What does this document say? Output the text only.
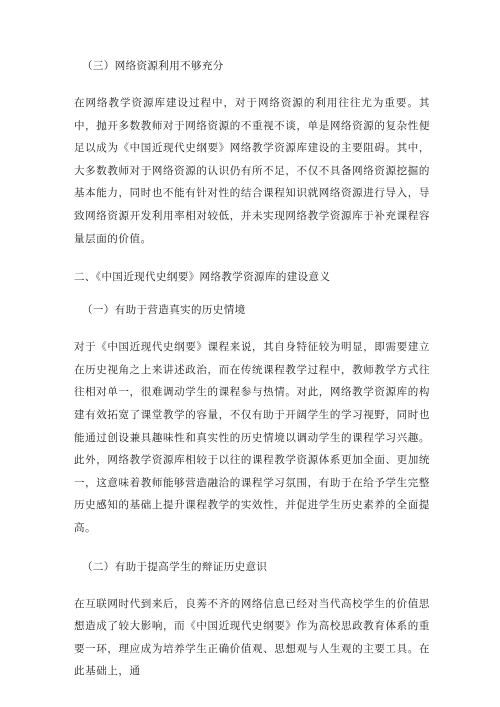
（三）网络资源利用不够充分
在网络教学资源库建设过程中，对于网络资源的利用往往尤为重要。其中，抛开多数教师对于网络资源的不重视不谈，单是网络资源的复杂性便足以成为《中国近现代史纲要》网络教学资源库建设的主要阻碍。其中，大多数教师对于网络资源的认识仍有所不足，不仅不具备网络资源挖掘的基本能力，同时也不能有针对性的结合课程知识就网络资源进行导入，导致网络资源开发利用率相对较低，并未实现网络教学资源库于补充课程容量层面的价值。
二、《中国近现代史纲要》网络教学资源库的建设意义
（一）有助于营造真实的历史情境
对于《中国近现代史纲要》课程来说，其自身特征较为明显，即需要建立在历史视角之上来讲述政治，而在传统课程教学过程中，教师教学方式往往相对单一，很难调动学生的课程参与热情。对此，网络教学资源库的构建有效拓宽了课堂教学的容量，不仅有助于开阔学生的学习视野，同时也能通过创设兼具趣味性和真实性的历史情境以调动学生的课程学习兴趣。此外，网络教学资源库相较于以往的课程教学资源体系更加全面、更加统一，这意味着教师能够营造融洽的课程学习氛围，有助于在给予学生完整历史感知的基础上提升课程教学的实效性，并促进学生历史素养的全面提高。
（二）有助于提高学生的辩证历史意识
在互联网时代到来后，良莠不齐的网络信息已经对当代高校学生的价值思想造成了较大影响，而《中国近现代史纲要》作为高校思政教育体系的重要一环，理应成为培养学生正确价值观、思想观与人生观的主要工具。在此基础上，通
